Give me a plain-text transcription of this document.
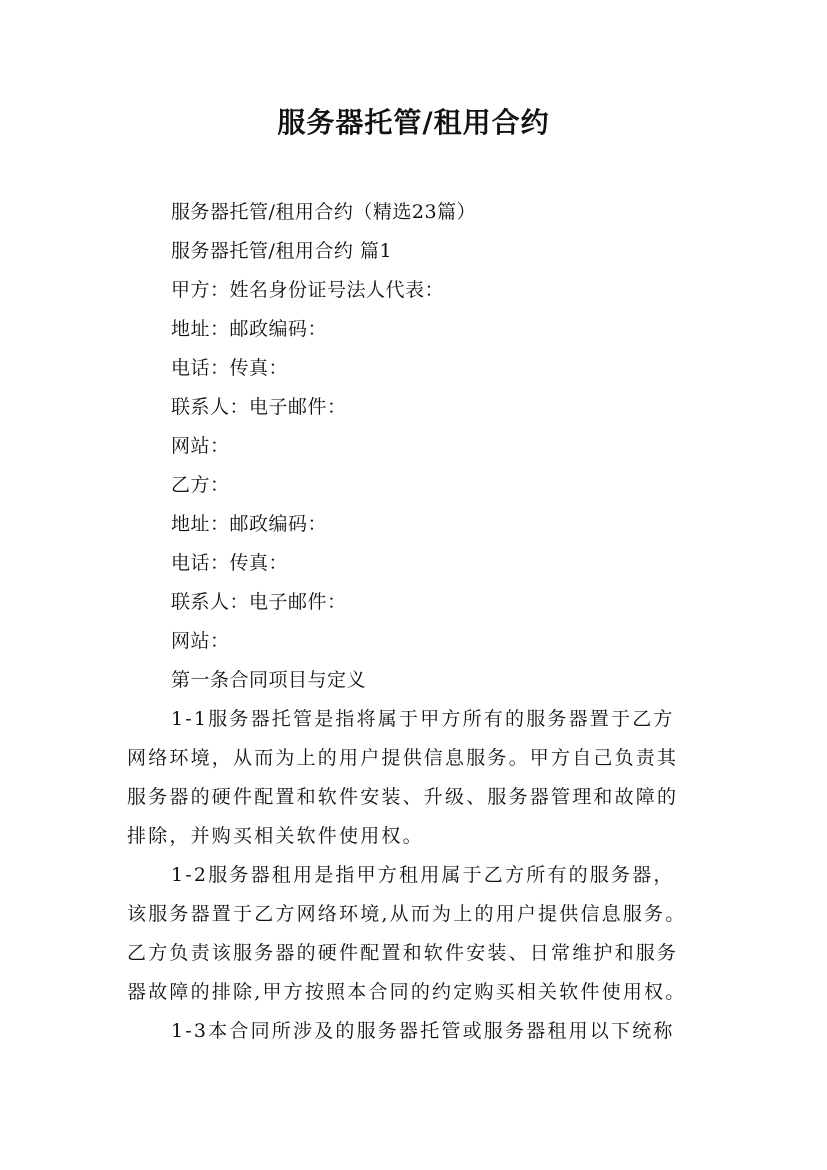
服务器托管/租用合约
服务器托管/租用合约（精选23篇）
服务器托管/租用合约 篇1
甲方：姓名身份证号法人代表：
地址：邮政编码：
电话：传真：
联系人：电子邮件：
网站：
乙方：
地址：邮政编码：
电话：传真：
联系人：电子邮件：
网站：
第一条合同项目与定义
1-1服务器托管是指将属于甲方所有的服务器置于乙方
网络环境，从而为上的用户提供信息服务。甲方自己负责其
服务器的硬件配置和软件安装、升级、服务器管理和故障的
排除，并购买相关软件使用权。
1-2服务器租用是指甲方租用属于乙方所有的服务器，
该服务器置于乙方网络环境,从而为上的用户提供信息服务。
乙方负责该服务器的硬件配置和软件安装、日常维护和服务
器故障的排除,甲方按照本合同的约定购买相关软件使用权。
1-3本合同所涉及的服务器托管或服务器租用以下统称
